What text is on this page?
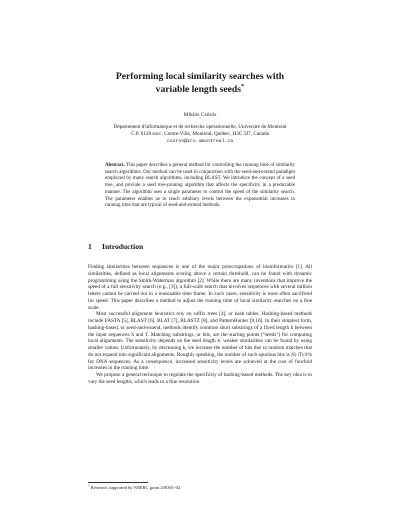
Performing local similarity searches with
variable length seeds*
Miklós Csűrös
Département d'informatique et de recherche opérationnelle, Université de Montréal
C.P. 6128 succ. Centre-Ville, Montréal, Québec, H3C 3J7, Canada
csuros@iro.umontreal.ca
Abstract. This paper describes a general method for controlling the running time of similarity search algorithms. Our method can be used in conjunction with the seed-and-extend paradigm employed by many search algorithms, including BLAST. We introduce the concept of a seed tree, and provide a seed tree-pruning algorithm that affects the specificity in a predictable manner. The algorithm uses a single parameter to control the speed of the similarity search. The parameter enables us to reach arbitrary levels between the exponential increases in running time that are typical of seed-and-extend methods.
1 Introduction

Finding similarities between sequences is one of the major preoccupations of bioinformatics [1]. All similarities, defined as local alignments scoring above a certain threshold, can be found with dynamic programming using the Smith-Waterman algorithm [2]. While there are many inventions that improve the speed of a full sensitivity search (e.g., [3]), a full-scale search that involves sequences with several million letters cannot be carried out in a reasonable time frame. In such cases, sensitivity is most often sacrificed for speed. This paper describes a method to adjust the running time of local similarity searches on a fine scale.

Most successful alignment heuristics rely on suffix trees [4], or hash tables. Hashing-based methods include FASTA [5], BLAST [6], BLAT [7], BLASTZ [8], and PatternHunter [9,10]. In their simplest form, hashing-based, or seed-and-extend, methods identify common short substrings of a fixed length k between the input sequences S and T. Matching substrings, or hits, are the starting points (“seeds”) for computing local alignments. The sensitivity depends on the seed length k: weaker similarities can be found by using smaller values. Unfortunately, by decreasing k, we increase the number of hits due to random matches that do not expand into significant alignments. Roughly speaking, the number of such spurious hits is |S|·|T|/4^k for DNA sequences. As a consequence, increased sensitivity levels are achieved at the cost of fourfold increases in the running time.

We propose a general technique to regulate the specificity of hashing-based methods. The key idea is to vary the seed lengths, which leads to a fine resolution

* Research supported by NSERC grant 250301-02.
